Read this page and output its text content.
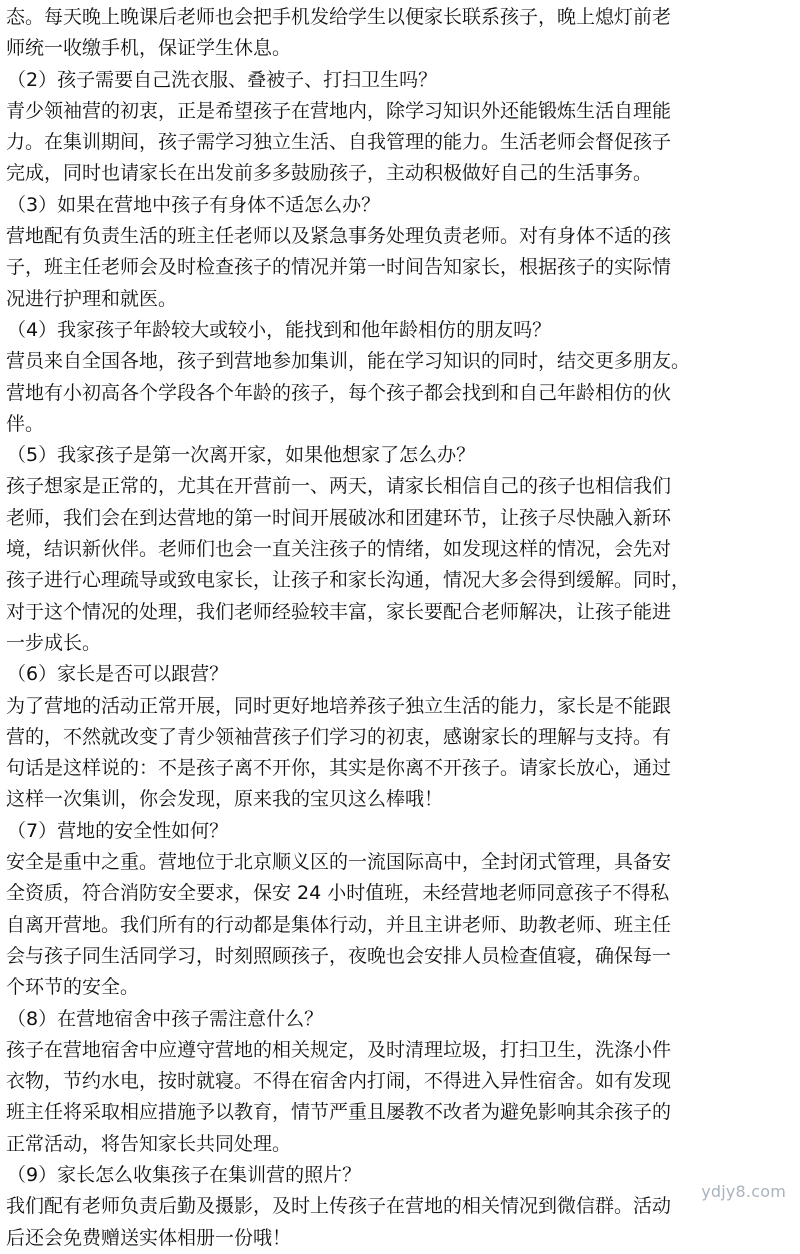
态。每天晚上晚课后老师也会把手机发给学生以便家长联系孩子，晚上熄灯前老
师统一收缴手机，保证学生休息。
（2）孩子需要自己洗衣服、叠被子、打扫卫生吗？
青少领袖营的初衷，正是希望孩子在营地内，除学习知识外还能锻炼生活自理能
力。在集训期间，孩子需学习独立生活、自我管理的能力。生活老师会督促孩子
完成，同时也请家长在出发前多多鼓励孩子，主动积极做好自己的生活事务。
（3）如果在营地中孩子有身体不适怎么办？
营地配有负责生活的班主任老师以及紧急事务处理负责老师。对有身体不适的孩
子，班主任老师会及时检查孩子的情况并第一时间告知家长，根据孩子的实际情
况进行护理和就医。
（4）我家孩子年龄较大或较小，能找到和他年龄相仿的朋友吗？
营员来自全国各地，孩子到营地参加集训，能在学习知识的同时，结交更多朋友。
营地有小初高各个学段各个年龄的孩子，每个孩子都会找到和自己年龄相仿的伙
伴。
（5）我家孩子是第一次离开家，如果他想家了怎么办？
孩子想家是正常的，尤其在开营前一、两天，请家长相信自己的孩子也相信我们
老师，我们会在到达营地的第一时间开展破冰和团建环节，让孩子尽快融入新环
境，结识新伙伴。老师们也会一直关注孩子的情绪，如发现这样的情况，会先对
孩子进行心理疏导或致电家长，让孩子和家长沟通，情况大多会得到缓解。同时，
对于这个情况的处理，我们老师经验较丰富，家长要配合老师解决，让孩子能进
一步成长。
（6）家长是否可以跟营？
为了营地的活动正常开展，同时更好地培养孩子独立生活的能力，家长是不能跟
营的，不然就改变了青少领袖营孩子们学习的初衷，感谢家长的理解与支持。有
句话是这样说的：不是孩子离不开你，其实是你离不开孩子。请家长放心，通过
这样一次集训，你会发现，原来我的宝贝这么棒哦！
（7）营地的安全性如何？
安全是重中之重。营地位于北京顺义区的一流国际高中，全封闭式管理，具备安
全资质，符合消防安全要求，保安 24 小时值班，未经营地老师同意孩子不得私
自离开营地。我们所有的行动都是集体行动，并且主讲老师、助教老师、班主任
会与孩子同生活同学习，时刻照顾孩子，夜晚也会安排人员检查值寝，确保每一
个环节的安全。
（8）在营地宿舍中孩子需注意什么？
孩子在营地宿舍中应遵守营地的相关规定，及时清理垃圾，打扫卫生，洗涤小件
衣物，节约水电，按时就寝。不得在宿舍内打闹，不得进入异性宿舍。如有发现
班主任将采取相应措施予以教育，情节严重且屡教不改者为避免影响其余孩子的
正常活动，将告知家长共同处理。
（9）家长怎么收集孩子在集训营的照片？
我们配有老师负责后勤及摄影，及时上传孩子在营地的相关情况到微信群。活动
后还会免费赠送实体相册一份哦！
ydjy8.com
